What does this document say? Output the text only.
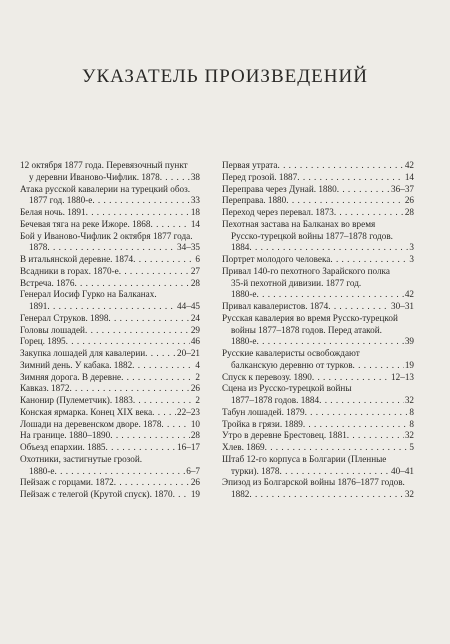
УКАЗАТЕЛЬ ПРОИЗВЕДЕНИЙ
12 октября 1877 года. Перевязочный пункт
у деревни Иваново-Чифлик. 1878 . . .	38
Атака русской кавалерии на турецкий обоз.
1877 год. 1880-е . . .	33
Белая ночь. 1891 . . .	18
Бечевая тяга на реке Ижоре. 1868 . . .	14
Бой у Иваново-Чифлик 2 октября 1877 года.
1878 . . .	34–35
В итальянской деревне. 1874 . . .	6
Всадники в горах. 1870-е . . .	27
Встреча. 1876 . . .	28
Генерал Иосиф Гурко на Балканах.
1891 . . .	44–45
Генерал Струков. 1898 . . .	24
Головы лошадей . . .	29
Горец. 1895 . . .	46
Закупка лошадей для кавалерии . . .	20–21
Зимний день. У кабака. 1882 . . .	4
Зимняя дорога. В деревне . . .	2
Кавказ. 1872 . . .	26
Канонир (Пулеметчик). 1883 . . .	2
Конская ярмарка. Конец XIX века . . .	22–23
Лошади на деревенском дворе. 1878 . . .	10
На границе. 1880–1890 . . .	28
Объезд епархии. 1885 . . .	16–17
Охотники, застигнутые грозой.
1880-е . . .	6–7
Пейзаж с горцами. 1872 . . .	26
Пейзаж с телегой (Крутой спуск). 1870 . . . 19
Первая утрата . . .	42
Перед грозой. 1887 . . .	14
Переправа через Дунай. 1880 . . .	36–37
Переправа. 1880 . . .	26
Переход через перевал. 1873 . . .	28
Пехотная застава на Балканах во время
Русско-турецкой войны 1877–1878 годов.
1884 . . .	3
Портрет молодого человека . . .	3
Привал 140-го пехотного Зарайского полка
35-й пехотной дивизии. 1877 год.
1880-е . . .	42
Привал кавалеристов. 1874 . . .	30–31
Русская кавалерия во время Русско-турецкой
войны 1877–1878 годов. Перед атакой.
1880-е . . .	39
Русские кавалеристы освобождают
балканскую деревню от турков . . .	19
Спуск к перевозу. 1890 . . .	12–13
Сцена из Русско-турецкой войны
1877–1878 годов. 1884 . . .	32
Табун лошадей. 1879 . . .	8
Тройка в грязи. 1889 . . .	8
Утро в деревне Брестовец. 1881 . . .	32
Хлев. 1869 . . .	5
Штаб 12-го корпуса в Болгарии (Пленные
турки). 1878 . . .	40–41
Эпизод из Болгарской войны 1876–1877 годов.
1882 . . .	32
